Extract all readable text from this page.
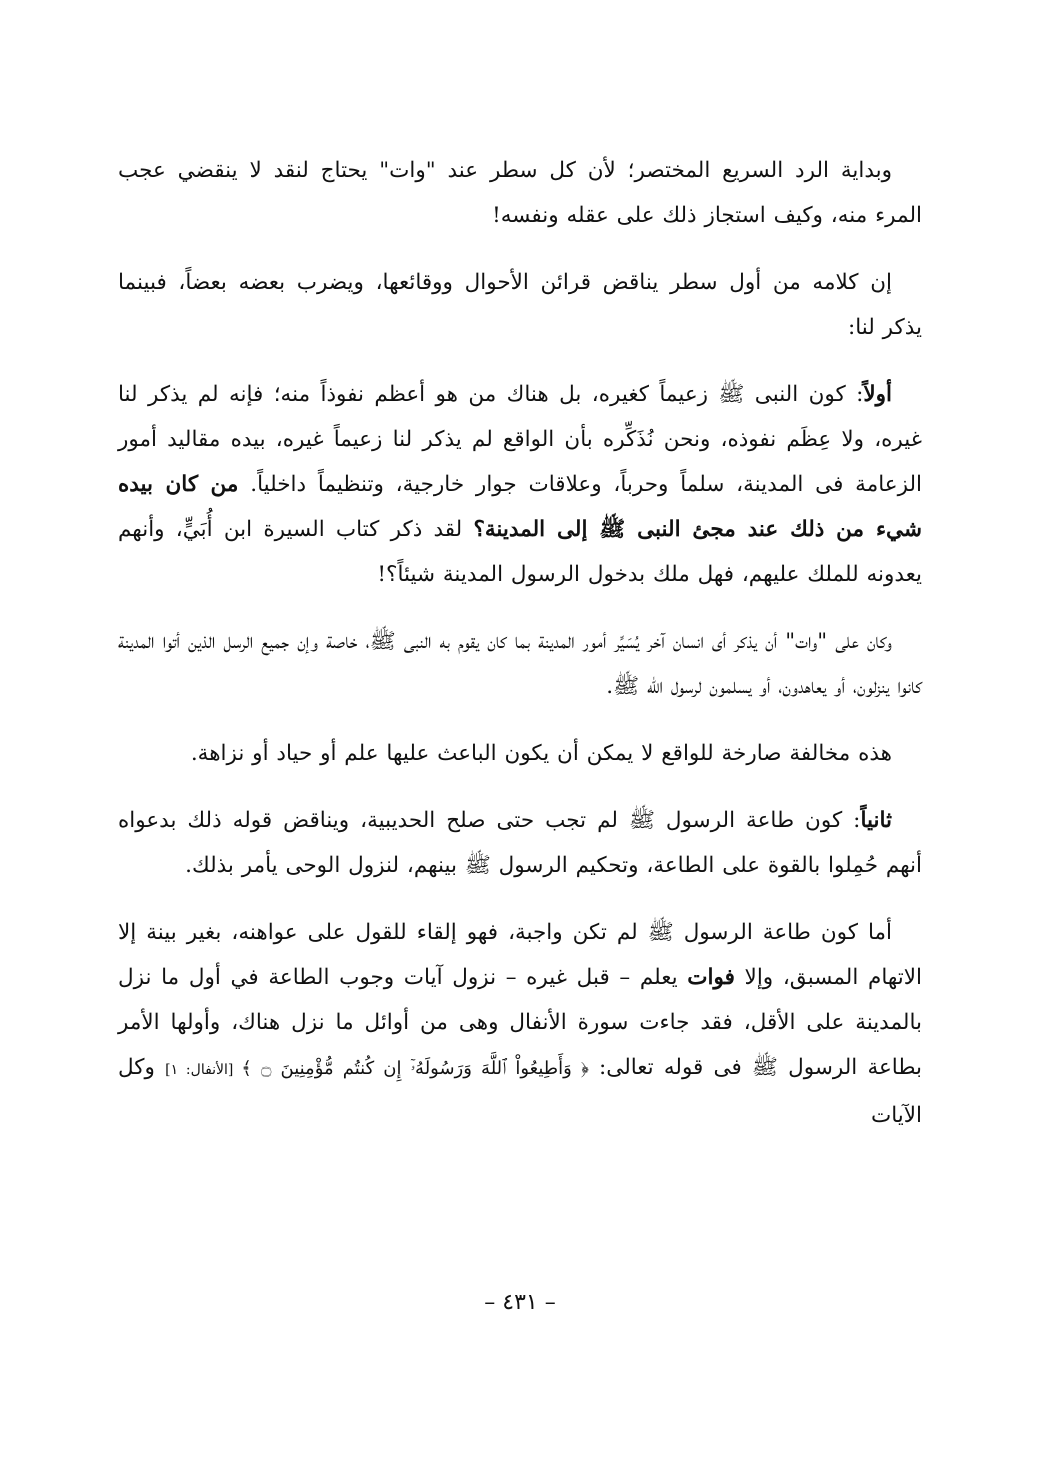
وبداية الرد السريع المختصر؛ لأن كل سطر عند "وات" يحتاج لنقد لا ينقضي عجب المرء منه، وكيف استجاز ذلك على عقله ونفسه!

إن كلامه من أول سطر يناقض قرائن الأحوال ووقائعها، ويضرب بعضه بعضاً، فبينما يذكر لنا:

أولاً: كون النبى ﷺ زعيماً كغيره، بل هناك من هو أعظم نفوذاً منه؛ فإنه لم يذكر لنا غيره، ولا عِظَم نفوذه، ونحن نُذَكِّره بأن الواقع لم يذكر لنا زعيماً غيره، بيده مقاليد أمور الزعامة فى المدينة، سلماً وحرباً، وعلاقات جوار خارجية، وتنظيماً داخلياً. من كان بيده شيء من ذلك عند مجئ النبى ﷺ إلى المدينة؟ لقد ذكر كتاب السيرة ابن أُبَيٍّ، وأنهم يعدونه للملك عليهم، فهل ملك بدخول الرسول المدينة شيئاً؟!

وكان على "وات" أن يذكر أى انسان آخر يُسَيِّر أمور المدينة بما كان يقوم به النبى ﷺ، خاصة وإن جميع الرسل الذين أتوا المدينة كانوا ينزلون، أو يعاهدون، أو يسلمون لرسول الله ﷺ.

هذه مخالفة صارخة للواقع لا يمكن أن يكون الباعث عليها علم أو حياد أو نزاهة.

ثانياً: كون طاعة الرسول ﷺ لم تجب حتى صلح الحديبية، ويناقض قوله ذلك بدعواه أنهم حُمِلوا بالقوة على الطاعة، وتحكيم الرسول ﷺ بينهم، لنزول الوحى يأمر بذلك.

أما كون طاعة الرسول ﷺ لم تكن واجبة، فهو إلقاء للقول على عواهنه، بغير بينة إلا الاتهام المسبق، وإلا فوات يعلم – قبل غيره – نزول آيات وجوب الطاعة في أول ما نزل بالمدينة على الأقل، فقد جاءت سورة الأنفال وهى من أوائل ما نزل هناك، وأولها الأمر بطاعة الرسول ﷺ فى قوله تعالى: ﴿ وَأَطِيعُواْ ٱللَّهَ وَرَسُولَهُۥٓ إِن كُنتُم مُّؤْمِنِينَ ۝ ﴾ [الأنفال: ١] وكل الآيات

– ٤٣١ –
